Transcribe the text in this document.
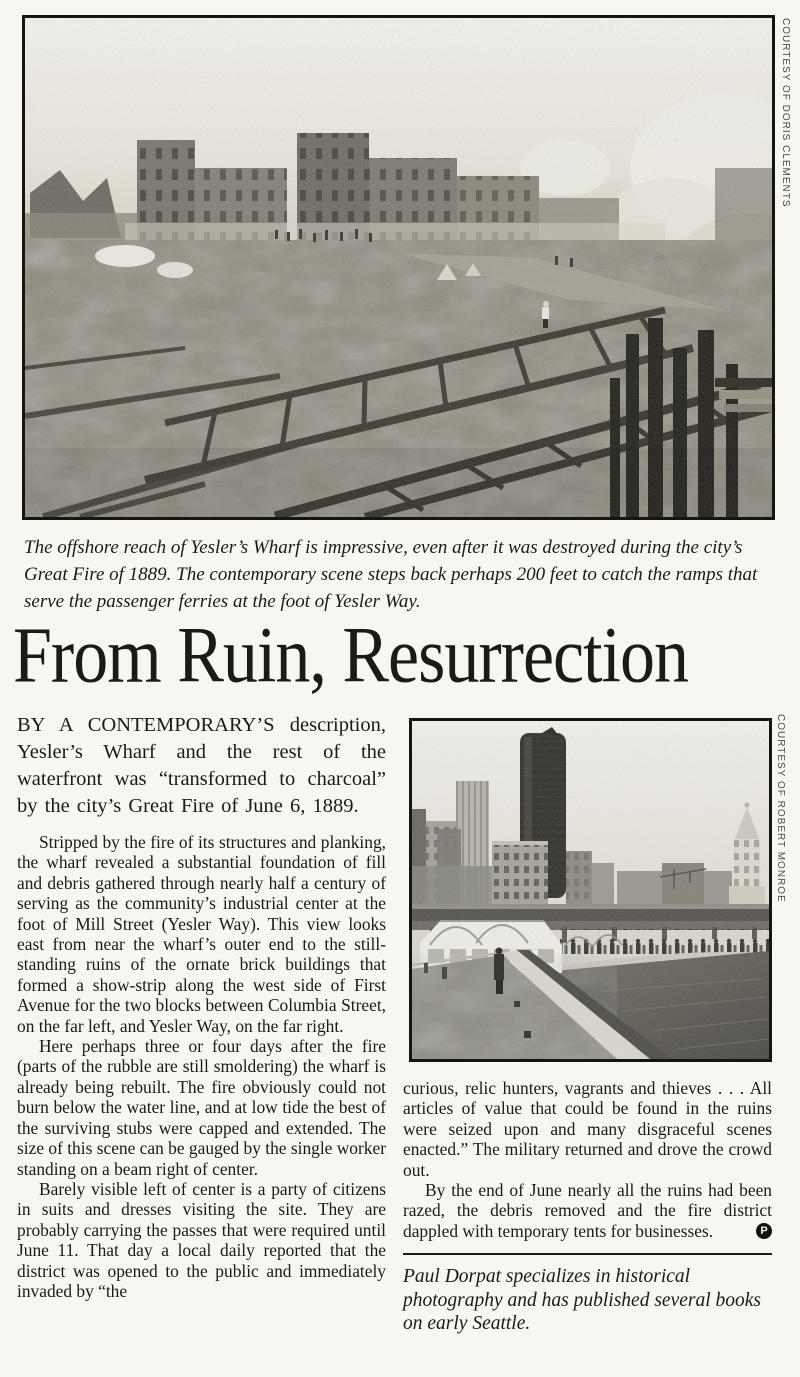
COURTESY OF DORIS CLEMENTS

The offshore reach of Yesler’s Wharf is impressive, even after it was destroyed during the city’s Great Fire of 1889. The contemporary scene steps back perhaps 200 feet to catch the ramps that serve the passenger ferries at the foot of Yesler Way.

From Ruin, Resurrection

BY A CONTEMPORARY’S description, Yesler’s Wharf and the rest of the waterfront was “transformed to charcoal” by the city’s Great Fire of June 6, 1889.

Stripped by the fire of its structures and planking, the wharf revealed a substantial foundation of fill and debris gathered through nearly half a century of serving as the community’s industrial center at the foot of Mill Street (Yesler Way). This view looks east from near the wharf’s outer end to the still-standing ruins of the ornate brick buildings that formed a show-strip along the west side of First Avenue for the two blocks between Columbia Street, on the far left, and Yesler Way, on the far right.

Here perhaps three or four days after the fire (parts of the rubble are still smoldering) the wharf is already being rebuilt. The fire obviously could not burn below the water line, and at low tide the best of the surviving stubs were capped and extended. The size of this scene can be gauged by the single worker standing on a beam right of center.

Barely visible left of center is a party of citizens in suits and dresses visiting the site. They are probably carrying the passes that were required until June 11. That day a local daily reported that the district was opened to the public and immediately invaded by “the

COURTESY OF ROBERT MONROE

curious, relic hunters, vagrants and thieves . . . All articles of value that could be found in the ruins were seized upon and many disgraceful scenes enacted.” The military returned and drove the crowd out.

By the end of June nearly all the ruins had been razed, the debris removed and the fire district dappled with temporary tents for businesses.	P

Paul Dorpat specializes in historical photography and has published several books on early Seattle.
